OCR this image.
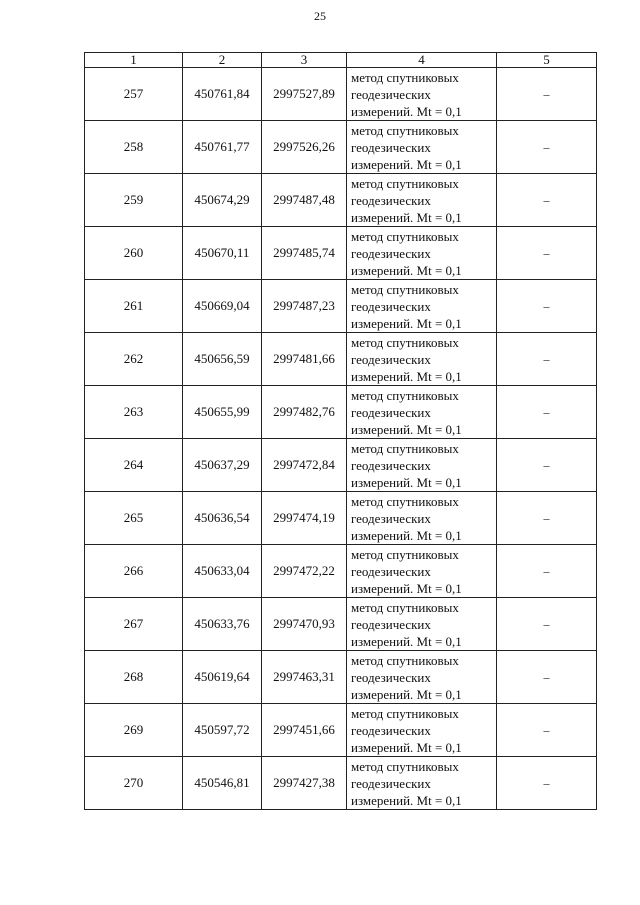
25
1	2	3	4	5
257	450761,84	2997527,89	метод спутниковых
геодезических
измерений. Mt = 0,1	–
258	450761,77	2997526,26	метод спутниковых
геодезических
измерений. Mt = 0,1	–
259	450674,29	2997487,48	метод спутниковых
геодезических
измерений. Mt = 0,1	–
260	450670,11	2997485,74	метод спутниковых
геодезических
измерений. Mt = 0,1	–
261	450669,04	2997487,23	метод спутниковых
геодезических
измерений. Mt = 0,1	–
262	450656,59	2997481,66	метод спутниковых
геодезических
измерений. Mt = 0,1	–
263	450655,99	2997482,76	метод спутниковых
геодезических
измерений. Mt = 0,1	–
264	450637,29	2997472,84	метод спутниковых
геодезических
измерений. Mt = 0,1	–
265	450636,54	2997474,19	метод спутниковых
геодезических
измерений. Mt = 0,1	–
266	450633,04	2997472,22	метод спутниковых
геодезических
измерений. Mt = 0,1	–
267	450633,76	2997470,93	метод спутниковых
геодезических
измерений. Mt = 0,1	–
268	450619,64	2997463,31	метод спутниковых
геодезических
измерений. Mt = 0,1	–
269	450597,72	2997451,66	метод спутниковых
геодезических
измерений. Mt = 0,1	–
270	450546,81	2997427,38	метод спутниковых
геодезических
измерений. Mt = 0,1	–
